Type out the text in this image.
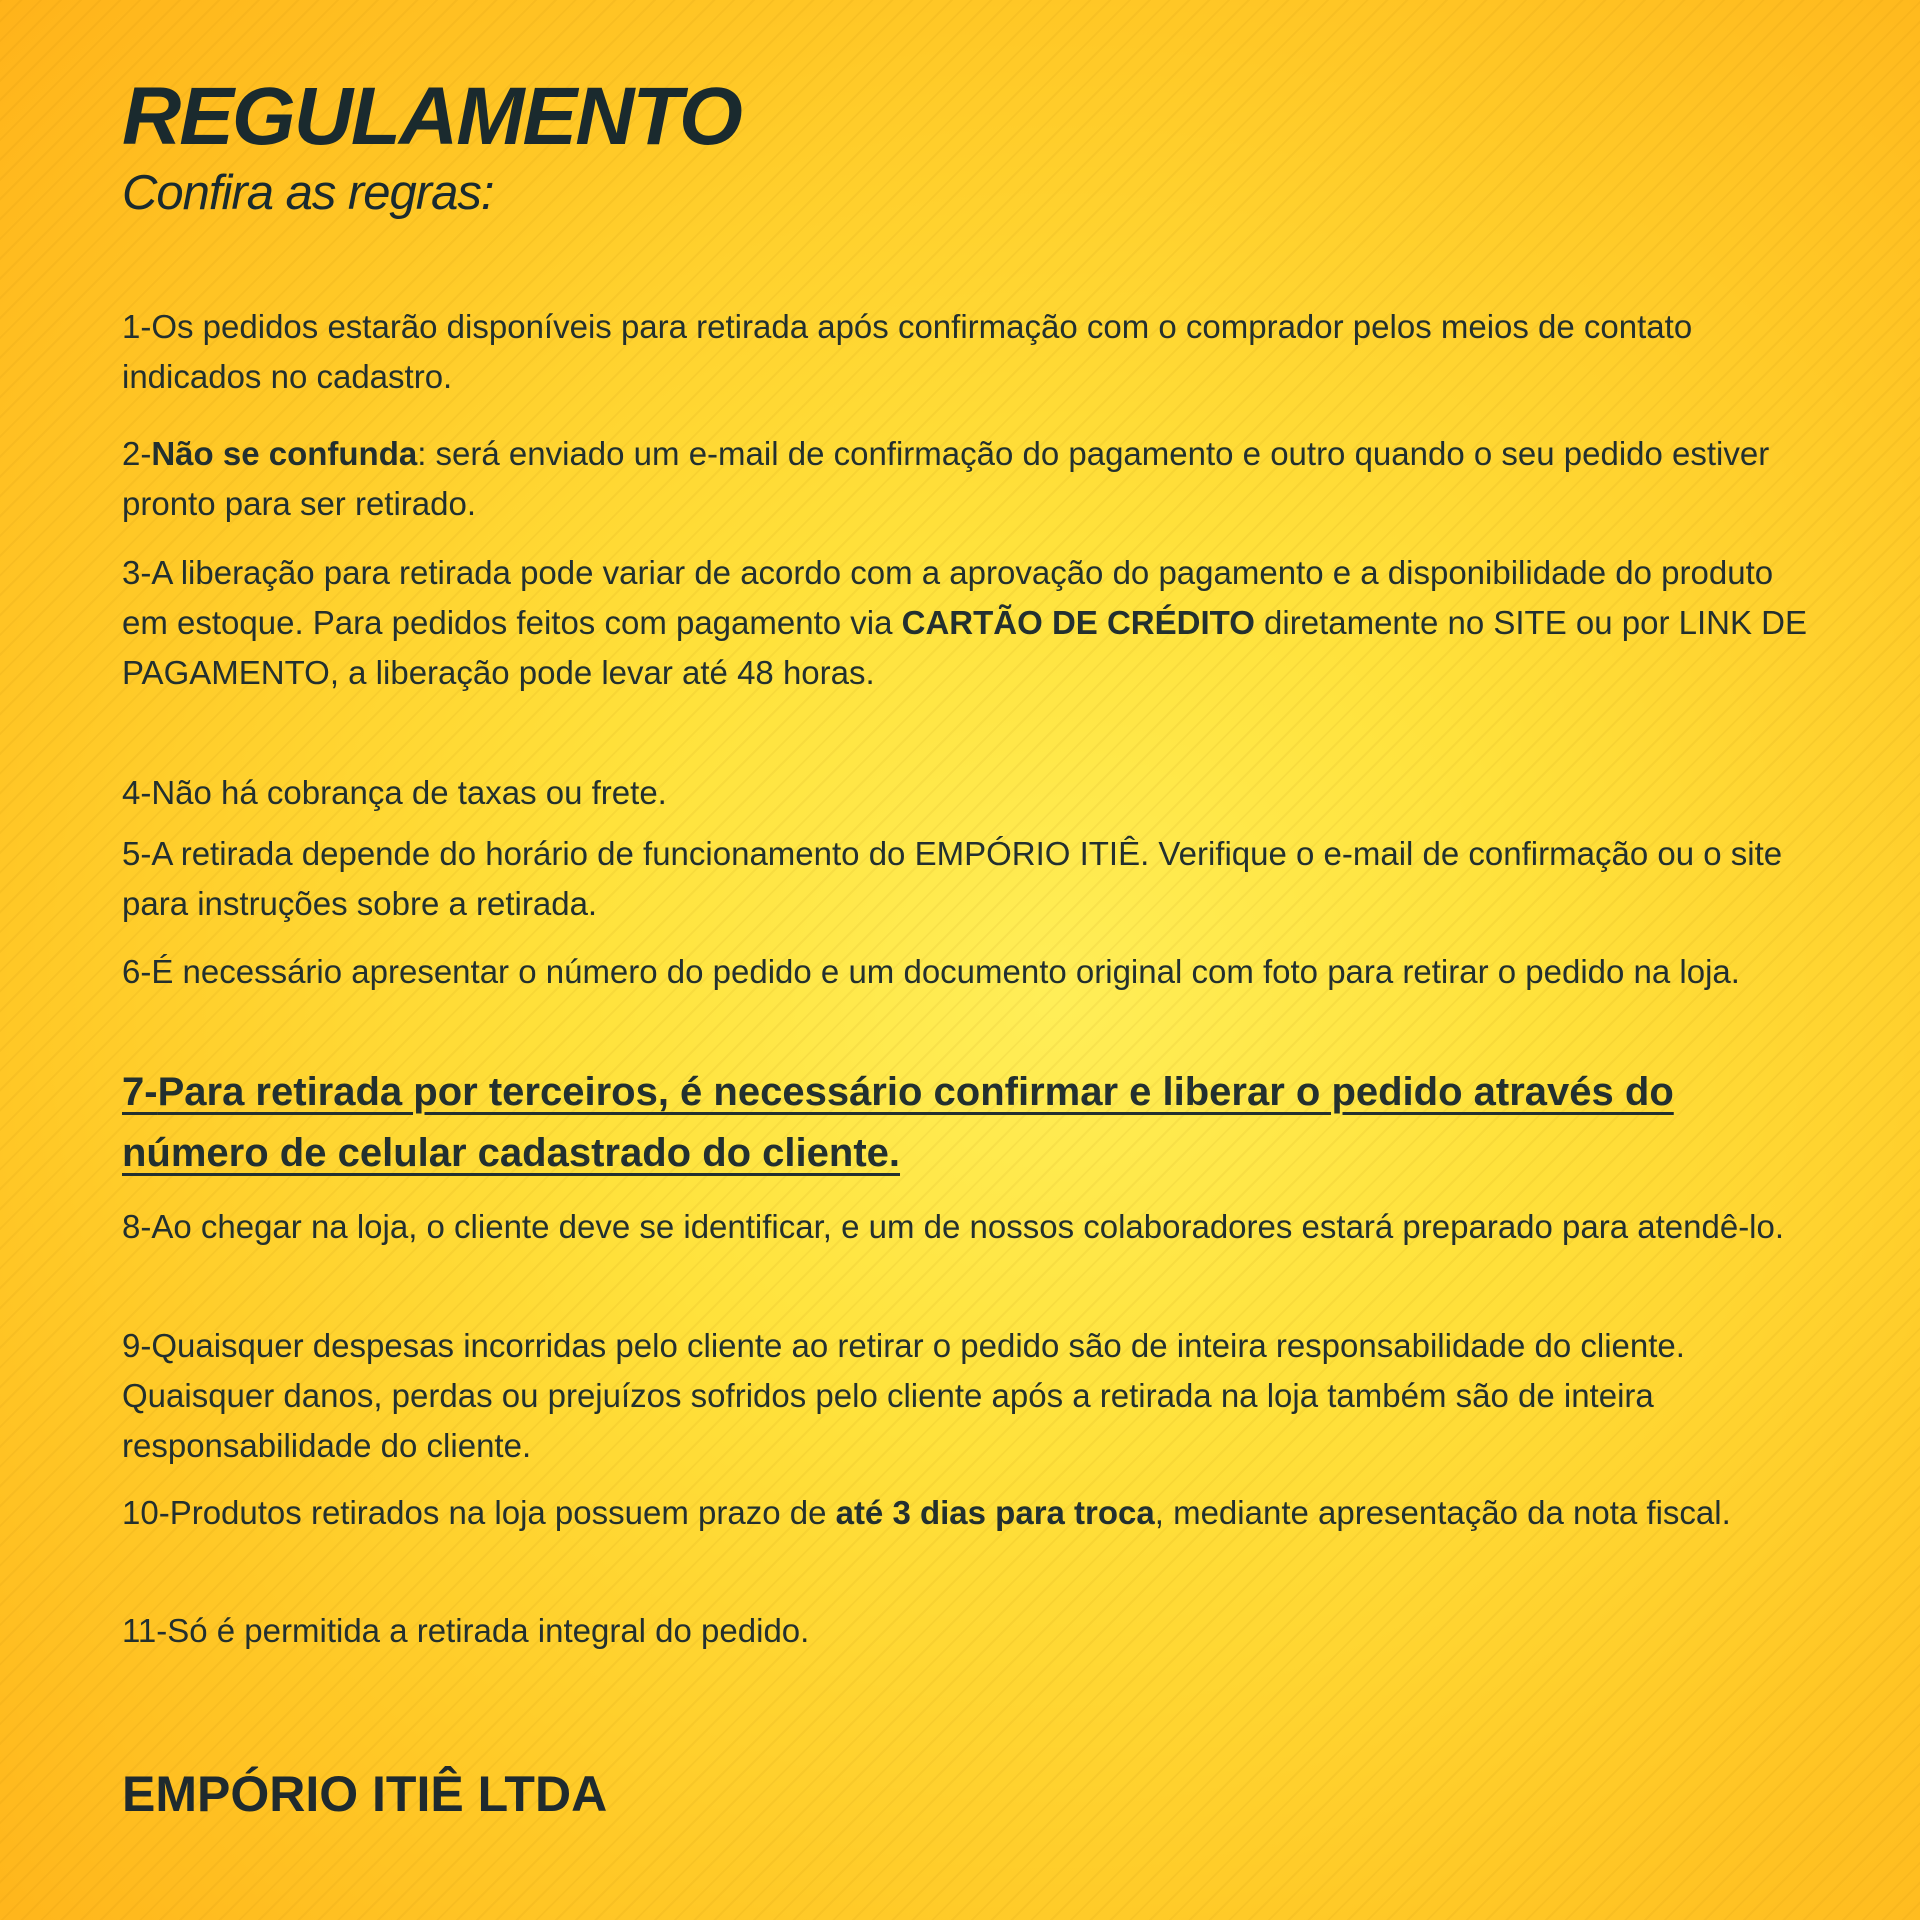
REGULAMENTO

Confira as regras:

1-Os pedidos estarão disponíveis para retirada após confirmação com o comprador pelos meios de contato indicados no cadastro.
2-Não se confunda: será enviado um e-mail de confirmação do pagamento e outro quando o seu pedido estiver pronto para ser retirado.
3-A liberação para retirada pode variar de acordo com a aprovação do pagamento e a disponibilidade do produto em estoque. Para pedidos feitos com pagamento via CARTÃO DE CRÉDITO diretamente no SITE ou por LINK DE PAGAMENTO, a liberação pode levar até 48 horas.
4-Não há cobrança de taxas ou frete.
5-A retirada depende do horário de funcionamento do EMPÓRIO ITIÊ. Verifique o e-mail de confirmação ou o site para instruções sobre a retirada.
6-É necessário apresentar o número do pedido e um documento original com foto para retirar o pedido na loja.
7-Para retirada por terceiros, é necessário confirmar e liberar o pedido através do número de celular cadastrado do cliente.
8-Ao chegar na loja, o cliente deve se identificar, e um de nossos colaboradores estará preparado para atendê-lo.
9-Quaisquer despesas incorridas pelo cliente ao retirar o pedido são de inteira responsabilidade do cliente. Quaisquer danos, perdas ou prejuízos sofridos pelo cliente após a retirada na loja também são de inteira responsabilidade do cliente.
10-Produtos retirados na loja possuem prazo de até 3 dias para troca, mediante apresentação da nota fiscal.
11-Só é permitida a retirada integral do pedido.
EMPÓRIO ITIÊ LTDA
